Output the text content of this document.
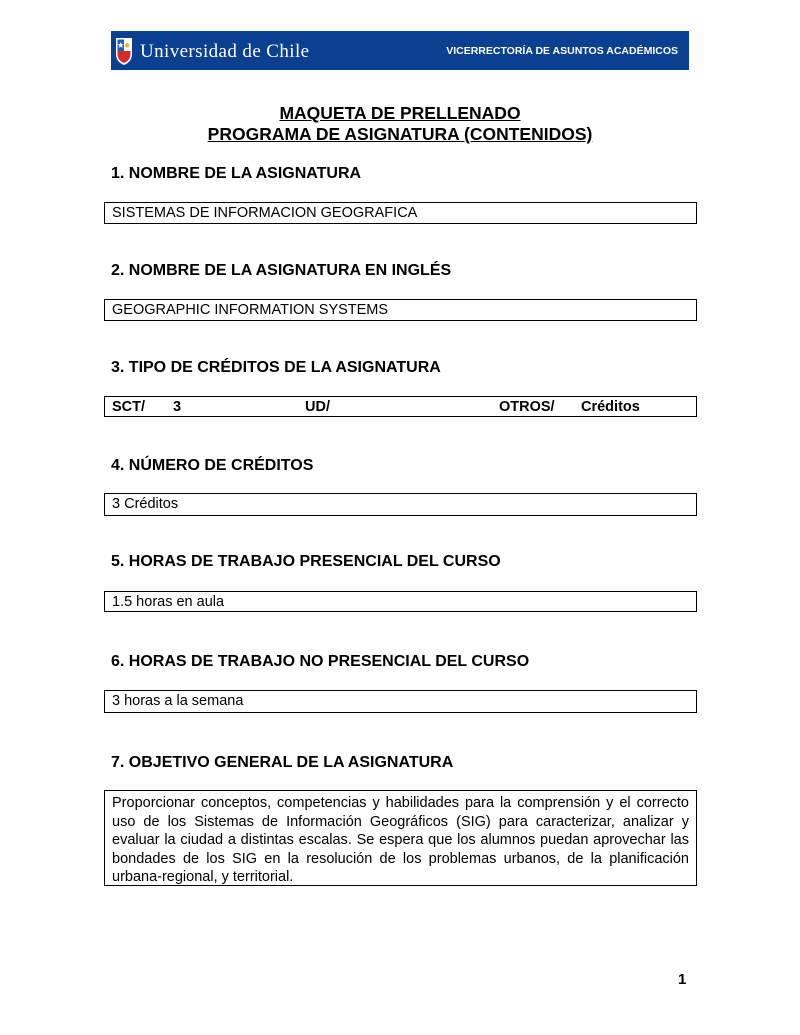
Universidad de Chile	VICERRECTORÍA DE ASUNTOS ACADÉMICOS
MAQUETA DE PRELLENADO
PROGRAMA DE ASIGNATURA (CONTENIDOS)
1. NOMBRE DE LA ASIGNATURA
SISTEMAS DE INFORMACION GEOGRAFICA
2. NOMBRE DE LA ASIGNATURA EN INGLÉS
GEOGRAPHIC INFORMATION SYSTEMS
3. TIPO DE CRÉDITOS DE LA ASIGNATURA
SCT/ 3	UD/	OTROS/ Créditos
4. NÚMERO DE CRÉDITOS
3 Créditos
5. HORAS DE TRABAJO PRESENCIAL DEL CURSO
1.5 horas en aula
6. HORAS DE TRABAJO NO PRESENCIAL DEL CURSO
3 horas a la semana
7. OBJETIVO GENERAL DE LA ASIGNATURA
Proporcionar conceptos, competencias y habilidades para la comprensión y el correcto uso de los Sistemas de Información Geográficos (SIG) para caracterizar, analizar y evaluar la ciudad a distintas escalas. Se espera que los alumnos puedan aprovechar las bondades de los SIG en la resolución de los problemas urbanos, de la planificación urbana-regional, y territorial.
1
